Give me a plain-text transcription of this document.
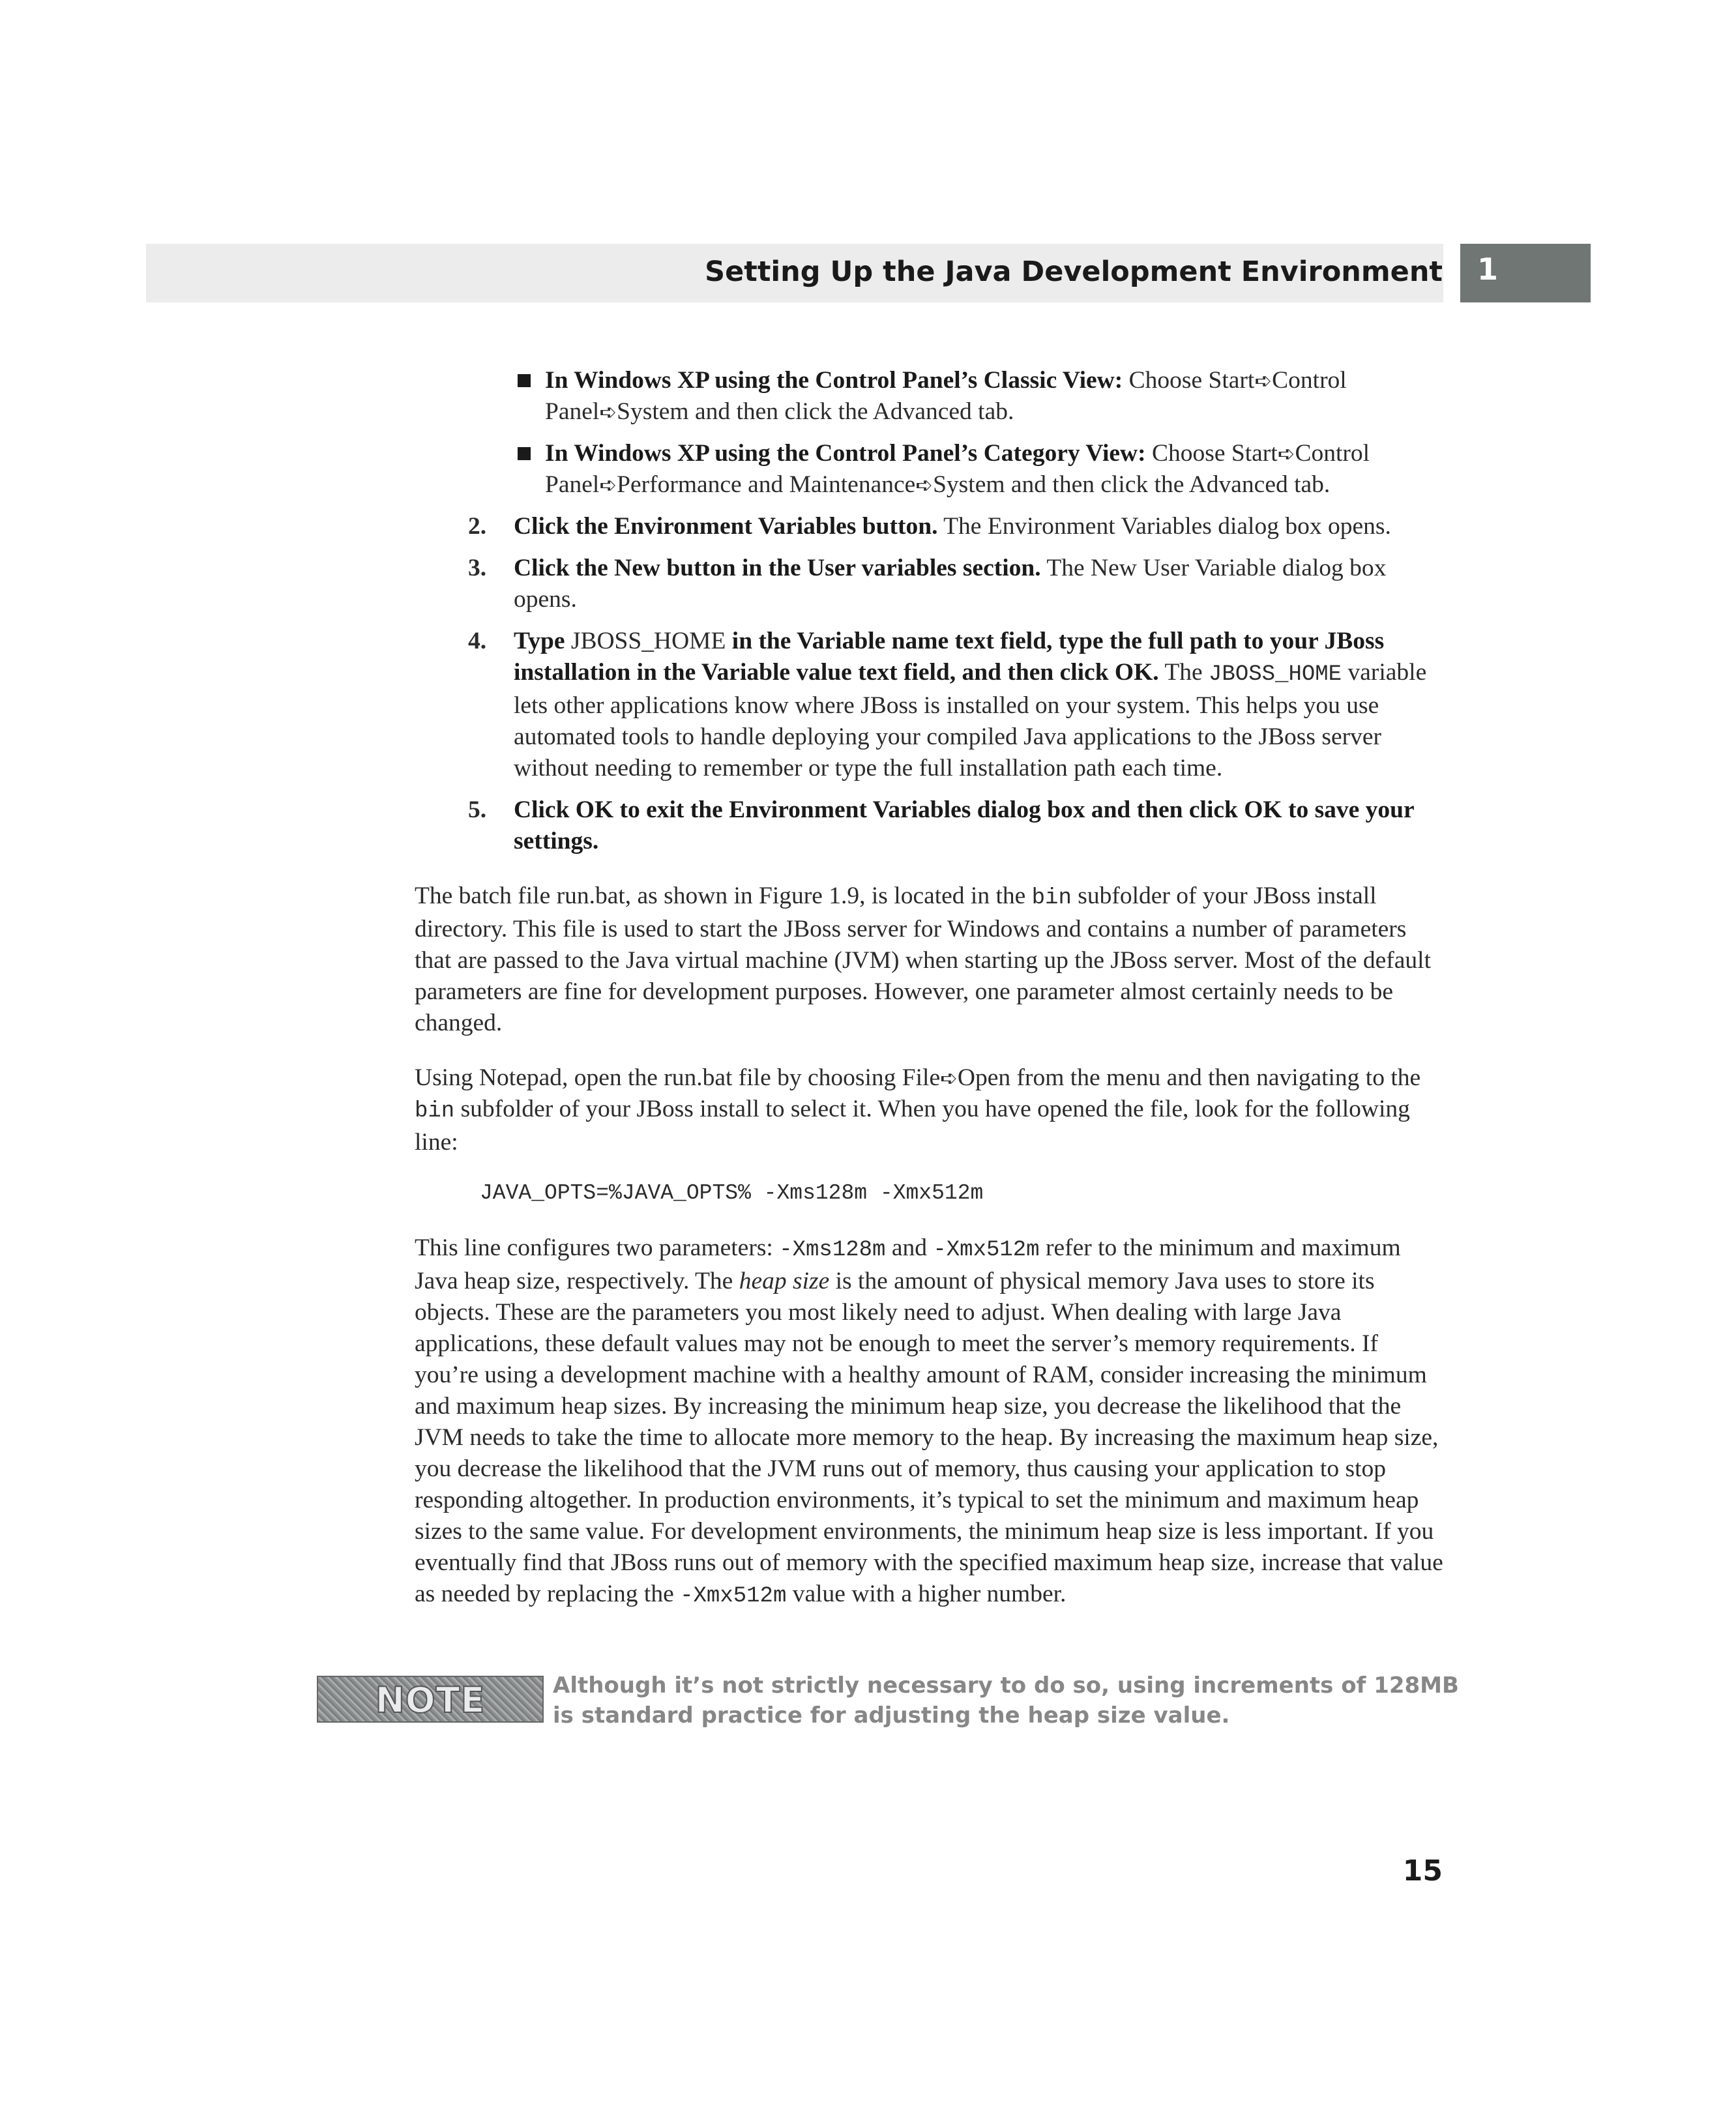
Setting Up the Java Development Environment 1
In Windows XP using the Control Panel’s Classic View: Choose Start➪Control Panel➪System and then click the Advanced tab.
In Windows XP using the Control Panel’s Category View: Choose Start➪Control Panel➪Performance and Maintenance➪System and then click the Advanced tab.
2. Click the Environment Variables button. The Environment Variables dialog box opens.
3. Click the New button in the User variables section. The New User Variable dialog box opens.
4. Type JBOSS_HOME in the Variable name text field, type the full path to your JBoss installation in the Variable value text field, and then click OK. The JBOSS_HOME variable lets other applications know where JBoss is installed on your system. This helps you use automated tools to handle deploying your compiled Java applications to the JBoss server without needing to remember or type the full installation path each time.
5. Click OK to exit the Environment Variables dialog box and then click OK to save your settings.

The batch file run.bat, as shown in Figure 1.9, is located in the bin subfolder of your JBoss install directory. This file is used to start the JBoss server for Windows and contains a number of parameters that are passed to the Java virtual machine (JVM) when starting up the JBoss server. Most of the default parameters are fine for development purposes. However, one parameter almost certainly needs to be changed.

Using Notepad, open the run.bat file by choosing File➪Open from the menu and then navigating to the bin subfolder of your JBoss install to select it. When you have opened the file, look for the following line:

JAVA_OPTS=%JAVA_OPTS% -Xms128m -Xmx512m

This line configures two parameters: -Xms128m and -Xmx512m refer to the minimum and maximum Java heap size, respectively. The heap size is the amount of physical memory Java uses to store its objects. These are the parameters you most likely need to adjust. When dealing with large Java applications, these default values may not be enough to meet the server’s memory requirements. If you’re using a development machine with a healthy amount of RAM, consider increasing the minimum and maximum heap sizes. By increasing the minimum heap size, you decrease the likelihood that the JVM needs to take the time to allocate more memory to the heap. By increasing the maximum heap size, you decrease the likelihood that the JVM runs out of memory, thus causing your application to stop responding altogether. In production environments, it’s typical to set the minimum and maximum heap sizes to the same value. For development environments, the minimum heap size is less important. If you eventually find that JBoss runs out of memory with the specified maximum heap size, increase that value as needed by replacing the -Xmx512m value with a higher number.

NOTE	Although it’s not strictly necessary to do so, using increments of 128MB is standard practice for adjusting the heap size value.
15
